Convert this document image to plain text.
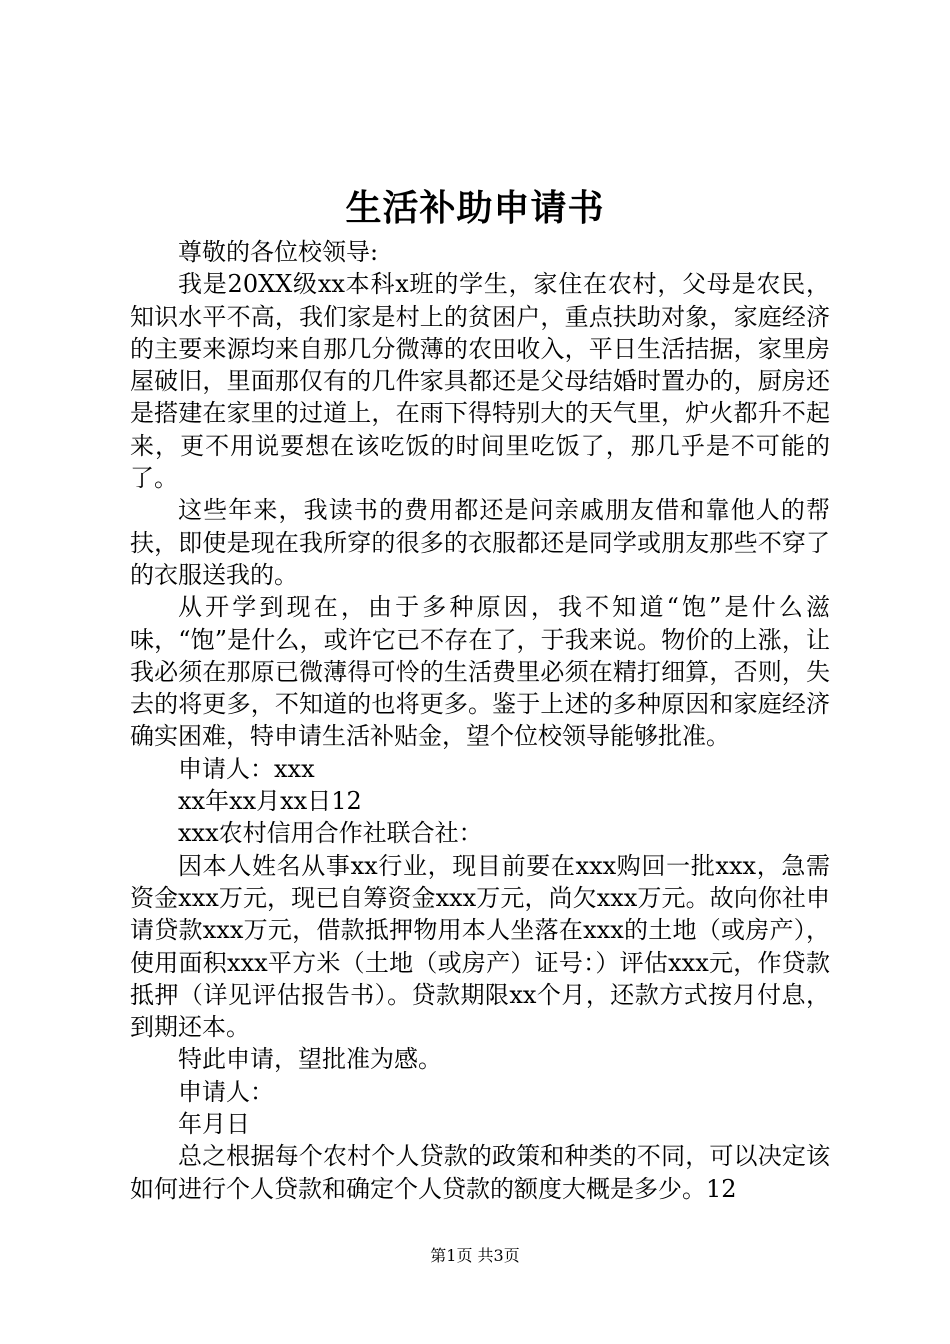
生活补助申请书

尊敬的各位校领导:

我是20XX级xx本科x班的学生，家住在农村，父母是农民，知识水平不高，我们家是村上的贫困户，重点扶助对象，家庭经济的主要来源均来自那几分微薄的农田收入，平日生活拮据，家里房屋破旧，里面那仅有的几件家具都还是父母结婚时置办的，厨房还是搭建在家里的过道上，在雨下得特别大的天气里，炉火都升不起来，更不用说要想在该吃饭的时间里吃饭了，那几乎是不可能的了。

这些年来，我读书的费用都还是问亲戚朋友借和靠他人的帮扶，即使是现在我所穿的很多的衣服都还是同学或朋友那些不穿了的衣服送我的。

从开学到现在，由于多种原因，我不知道“饱”是什么滋味，“饱”是什么，或许它已不存在了，于我来说。物价的上涨，让我必须在那原已微薄得可怜的生活费里必须在精打细算，否则，失去的将更多，不知道的也将更多。鉴于上述的多种原因和家庭经济确实困难，特申请生活补贴金，望个位校领导能够批准。

申请人：xxx

xx年xx月xx日12

xxx农村信用合作社联合社：

因本人姓名从事xx行业，现目前要在xxx购回一批xxx，急需资金xxx万元，现已自筹资金xxx万元，尚欠xxx万元。故向你社申请贷款xxx万元，借款抵押物用本人坐落在xxx的土地（或房产），使用面积xxx平方米（土地（或房产）证号：）评估xxx元，作贷款抵押（详见评估报告书）。贷款期限xx个月，还款方式按月付息，到期还本。

特此申请，望批准为感。

申请人：

年月日

总之根据每个农村个人贷款的政策和种类的不同，可以决定该如何进行个人贷款和确定个人贷款的额度大概是多少。12

第1页 共3页
